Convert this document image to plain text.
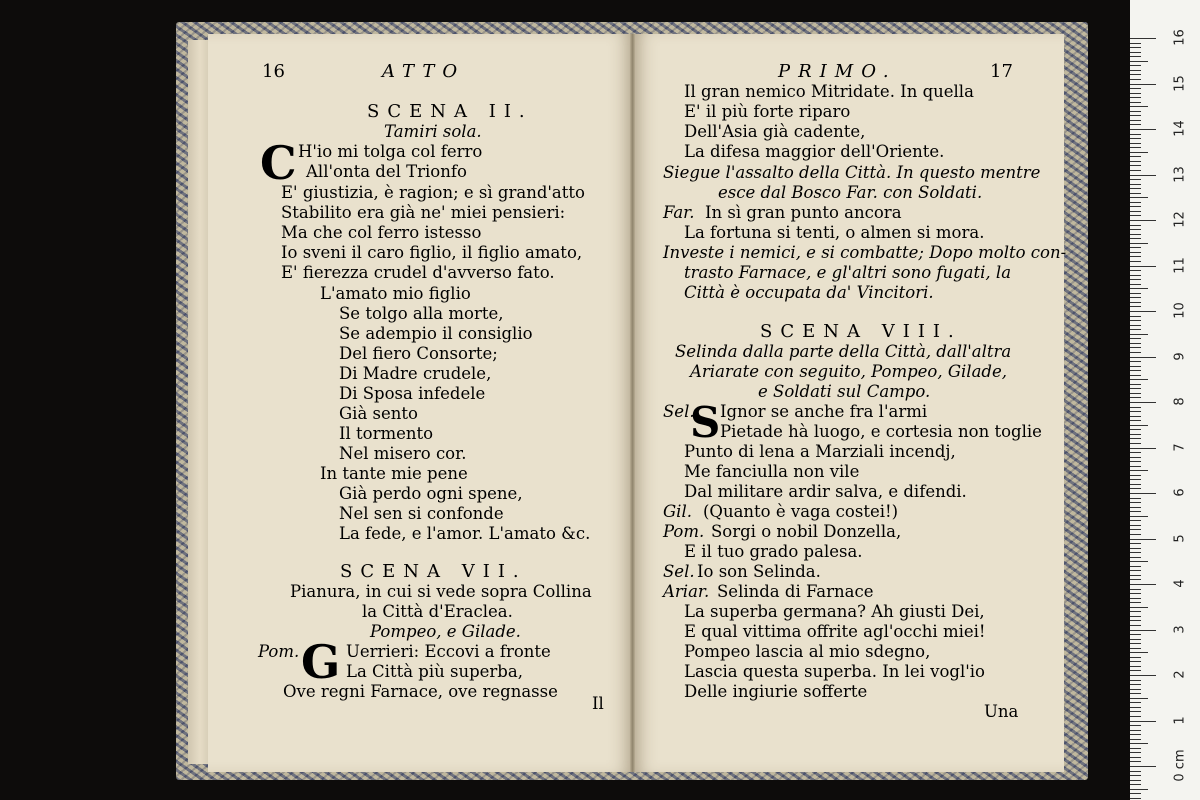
16	ATTO	PRIMO.	17
C
G
S
SCENA II.
Tamiri sola.
H'io mi tolga col ferro
All'onta del Trionfo
E' giustizia, è ragion; e sì grand'atto
Stabilito era già ne' miei pensieri:
Ma che col ferro istesso
Io sveni il caro figlio, il figlio amato,
E' fierezza crudel d'avverso fato.
L'amato mio figlio
Se tolgo alla morte,
Se adempio il consiglio
Del fiero Consorte;
Di Madre crudele,
Di Sposa infedele
Già sento
Il tormento
Nel misero cor.
In tante mie pene
Già perdo ogni spene,
Nel sen si confonde
La fede, e l'amor. L'amato &c.
SCENA VII.
Pianura, in cui si vede sopra Collina
la Città d'Eraclea.
Pompeo, e Gilade.
Pom.	Uerrieri: Eccovi a fronte
La Città più superba,
Ove regni Farnace, ove regnasse
Il gran nemico Mitridate. In quella
E' il più forte riparo
Dell'Asia già cadente,
La difesa maggior dell'Oriente.
Siegue l'assalto della Città. In questo mentre
esce dal Bosco Far. con Soldati.
Far. In sì gran punto ancora
La fortuna si tenti, o almen si mora.
Investe i nemici, e si combatte; Dopo molto con-
trasto Farnace, e gl'altri sono fugati, la
Città è occupata da' Vincitori.
SCENA VIII.
Selinda dalla parte della Città, dall'altra
Ariarate con seguito, Pompeo, Gilade,
e Soldati sul Campo.
Sel. Ignor se anche fra l'armi
Pietade hà luogo, e cortesia non toglie
Punto di lena a Marziali incendj,
Me fanciulla non vile
Dal militare ardir salva, e difendi.
Gil. (Quanto è vaga costei!)
Pom. Sorgi o nobil Donzella,
E il tuo grado palesa.
Sel. Io son Selinda.
Ariar. Selinda di Farnace
La superba germana? Ah giusti Dei,
E qual vittima offrite agl'occhi miei!
Pompeo lascia al mio sdegno,
Lascia questa superba. In lei vogl'io
Delle ingiurie sofferte
Il	Una
16
15
14
13
12
11
10
9
8
7
6
5
4
3
2
1
0 cm
